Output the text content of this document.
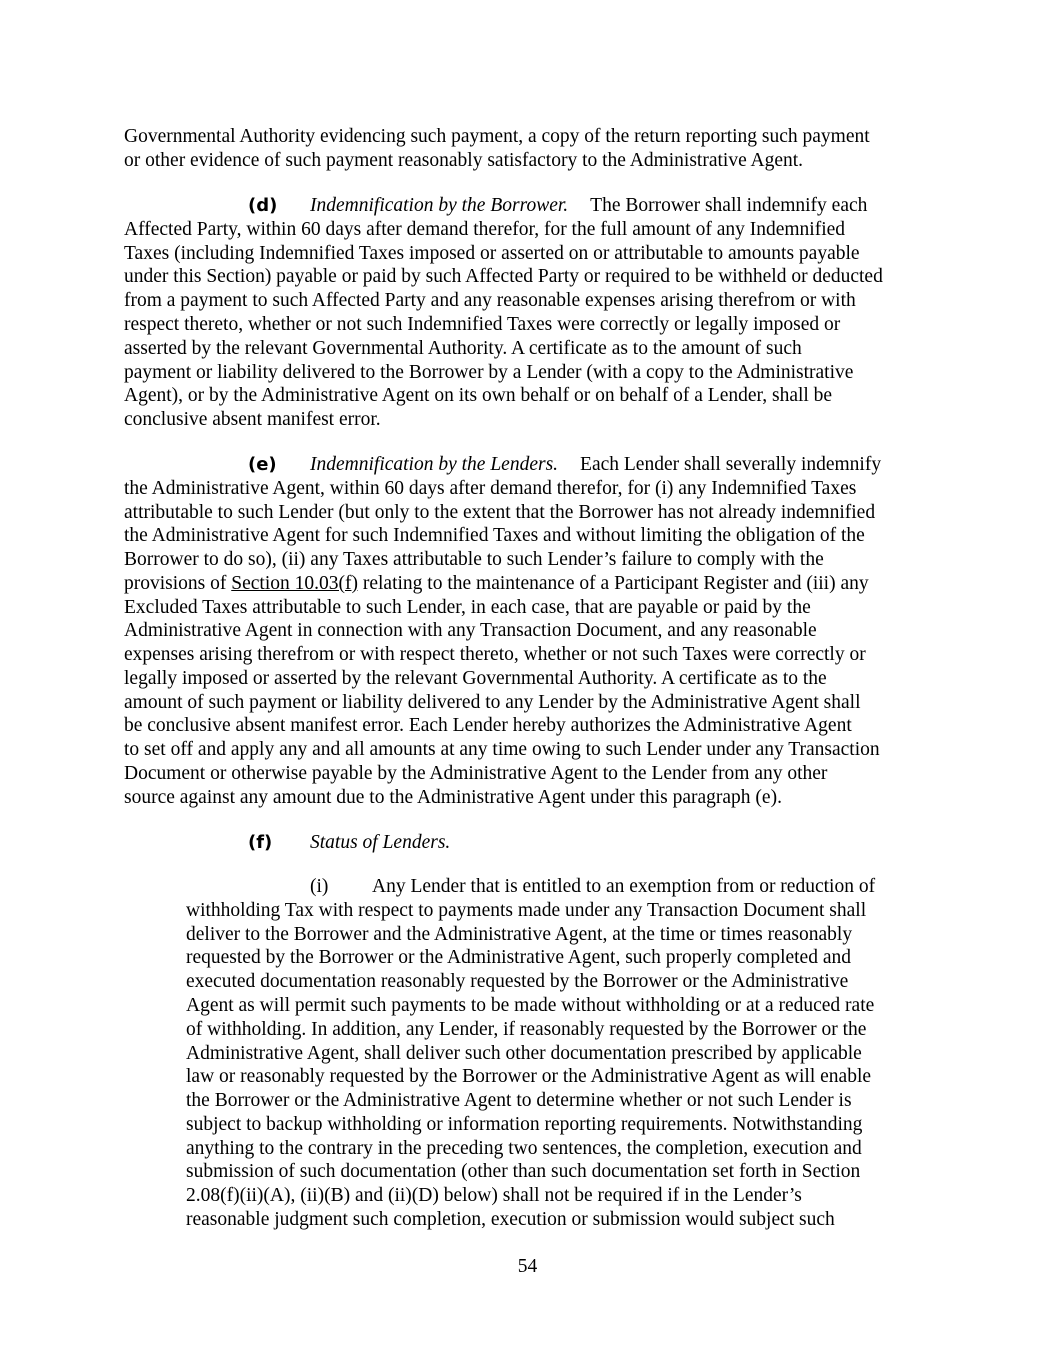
Governmental Authority evidencing such payment, a copy of the return reporting such payment
or other evidence of such payment reasonably satisfactory to the Administrative Agent.
(d) Indemnification by the Borrower. The Borrower shall indemnify each
Affected Party, within 60 days after demand therefor, for the full amount of any Indemnified
Taxes (including Indemnified Taxes imposed or asserted on or attributable to amounts payable
under this Section) payable or paid by such Affected Party or required to be withheld or deducted
from a payment to such Affected Party and any reasonable expenses arising therefrom or with
respect thereto, whether or not such Indemnified Taxes were correctly or legally imposed or
asserted by the relevant Governmental Authority. A certificate as to the amount of such
payment or liability delivered to the Borrower by a Lender (with a copy to the Administrative
Agent), or by the Administrative Agent on its own behalf or on behalf of a Lender, shall be
conclusive absent manifest error.
(e) Indemnification by the Lenders. Each Lender shall severally indemnify
the Administrative Agent, within 60 days after demand therefor, for (i) any Indemnified Taxes
attributable to such Lender (but only to the extent that the Borrower has not already indemnified
the Administrative Agent for such Indemnified Taxes and without limiting the obligation of the
Borrower to do so), (ii) any Taxes attributable to such Lender’s failure to comply with the
provisions of Section 10.03(f) relating to the maintenance of a Participant Register and (iii) any
Excluded Taxes attributable to such Lender, in each case, that are payable or paid by the
Administrative Agent in connection with any Transaction Document, and any reasonable
expenses arising therefrom or with respect thereto, whether or not such Taxes were correctly or
legally imposed or asserted by the relevant Governmental Authority. A certificate as to the
amount of such payment or liability delivered to any Lender by the Administrative Agent shall
be conclusive absent manifest error. Each Lender hereby authorizes the Administrative Agent
to set off and apply any and all amounts at any time owing to such Lender under any Transaction
Document or otherwise payable by the Administrative Agent to the Lender from any other
source against any amount due to the Administrative Agent under this paragraph (e).
(f) Status of Lenders.
(i) Any Lender that is entitled to an exemption from or reduction of
withholding Tax with respect to payments made under any Transaction Document shall
deliver to the Borrower and the Administrative Agent, at the time or times reasonably
requested by the Borrower or the Administrative Agent, such properly completed and
executed documentation reasonably requested by the Borrower or the Administrative
Agent as will permit such payments to be made without withholding or at a reduced rate
of withholding. In addition, any Lender, if reasonably requested by the Borrower or the
Administrative Agent, shall deliver such other documentation prescribed by applicable
law or reasonably requested by the Borrower or the Administrative Agent as will enable
the Borrower or the Administrative Agent to determine whether or not such Lender is
subject to backup withholding or information reporting requirements. Notwithstanding
anything to the contrary in the preceding two sentences, the completion, execution and
submission of such documentation (other than such documentation set forth in Section
2.08(f)(ii)(A), (ii)(B) and (ii)(D) below) shall not be required if in the Lender’s
reasonable judgment such completion, execution or submission would subject such
54
